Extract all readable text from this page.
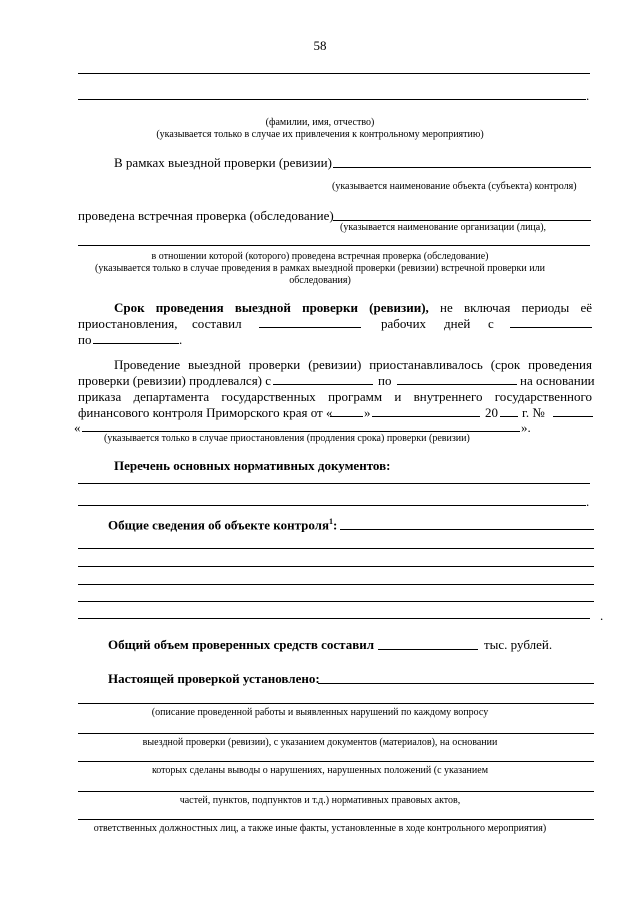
58
.
(фамилии, имя, отчество)
(указывается только в случае их привлечения к контрольному мероприятию)
В рамках выездной проверки (ревизии)
(указывается наименование объекта (субъекта) контроля)
проведена встречная проверка (обследование)
(указывается наименование организации (лица),
в отношении которой (которого) проведена встречная проверка (обследование)
(указывается только в случае проведения в рамках выездной проверки (ревизии) встречной проверки или
обследования)
Срок проведения выездной проверки (ревизии), не включая периоды её
приостановления, составил	рабочих дней с
по	.
Проведение выездной проверки (ревизии) приостанавливалось (срок проведения
проверки (ревизии) продлевался) с	по	на основании
приказа департамента государственных программ и внутреннего государственного
финансового контроля Приморского края от « »	20 г. №
«	».
(указывается только в случае приостановления (продления срока) проверки (ревизии)
Перечень основных нормативных документов:
.
Общие сведения об объекте контроля$^1$:
.
Общий объем проверенных средств составил	тыс. рублей.
Настоящей проверкой установлено:
(описание проведенной работы и выявленных нарушений по каждому вопросу
выездной проверки (ревизии), с указанием документов (материалов), на основании
которых сделаны выводы о нарушениях, нарушенных положений (с указанием
частей, пунктов, подпунктов и т.д.) нормативных правовых актов,
ответственных должностных лиц, а также иные факты, установленные в ходе контрольного мероприятия)
